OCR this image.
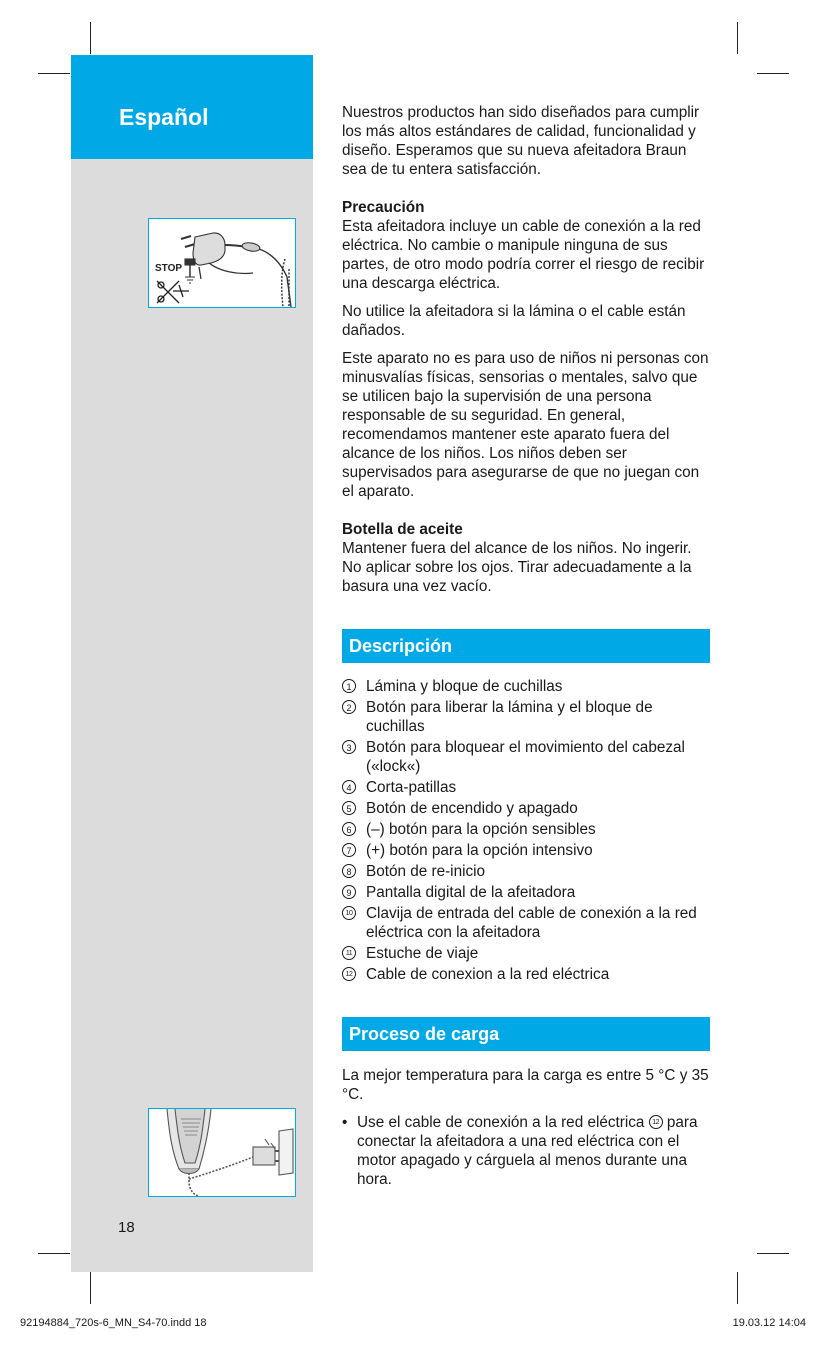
Español
STOP
18

Nuestros productos han sido diseñados para cumplir los más altos estándares de calidad, funcionalidad y diseño. Esperamos que su nueva afeitadora Braun sea de tu entera satisfacción.

Precaución
Esta afeitadora incluye un cable de conexión a la red eléctrica. No cambie o manipule ninguna de sus partes, de otro modo podría correr el riesgo de recibir una descarga eléctrica.

No utilice la afeitadora si la lámina o el cable están dañados.

Este aparato no es para uso de niños ni personas con minusvalías físicas, sensorias o mentales, salvo que se utilicen bajo la supervisión de una persona responsable de su seguridad. En general, recomendamos mantener este aparato fuera del alcance de los niños. Los niños deben ser supervisados para asegurarse de que no juegan con el aparato.

Botella de aceite
Mantener fuera del alcance de los niños. No ingerir. No aplicar sobre los ojos. Tirar adecuadamente a la basura una vez vacío.

Descripción
1 Lámina y bloque de cuchillas
2 Botón para liberar la lámina y el bloque de cuchillas
3 Botón para bloquear el movimiento del cabezal («lock«)
4 Corta-patillas
5 Botón de encendido y apagado
6 (–) botón para la opción sensibles
7 (+) botón para la opción intensivo
8 Botón de re-inicio
9 Pantalla digital de la afeitadora
10 Clavija de entrada del cable de conexión a la red eléctrica con la afeitadora
11 Estuche de viaje
12 Cable de conexion a la red eléctrica
Proceso de carga

La mejor temperatura para la carga es entre 5 °C y 35 °C.

• Use el cable de conexión a la red eléctrica 12 para conectar la afeitadora a una red eléctrica con el motor apagado y cárguela al menos durante una hora.
92194884_720s-6_MN_S4-70.indd 18	19.03.12 14:04
